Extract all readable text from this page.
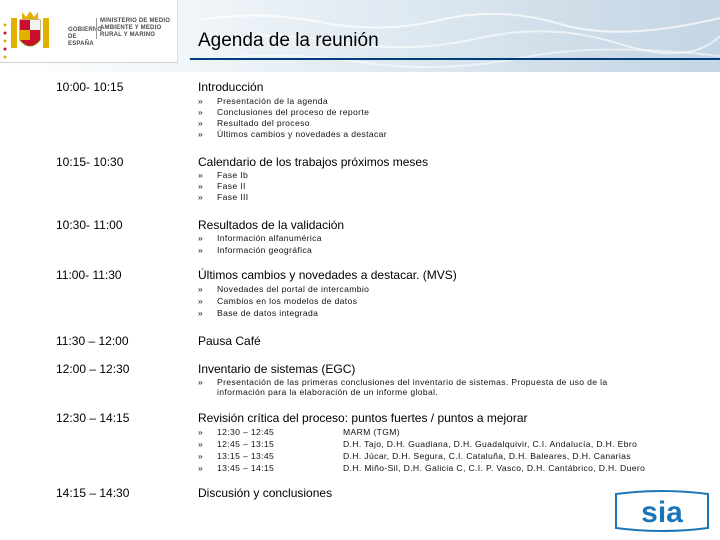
GOBIERNO DE ESPAÑA
MINISTERIO DE MEDIO AMBIENTE Y MEDIO RURAL Y MARINO	Agenda de la reunión
10:00- 10:15	Introducción
» Presentación de la agenda
» Conclusiones del proceso de reporte
» Resultado del proceso
» Últimos cambios y novedades a destacar
10:15- 10:30	Calendario de los trabajos próximos meses
» Fase Ib
» Fase II
» Fase III
10:30- 11:00	Resultados de la validación
» Información alfanumérica
» Información geográfica
11:00- 11:30	Últimos cambios y novedades a destacar. (MVS)
» Novedades del portal de intercambio
» Cambios en los modelos de datos
» Base de datos integrada
11:30 – 12:00	Pausa Café
12:00 – 12:30	Inventario de sistemas (EGC)
»	Presentación de las primeras conclusiones del inventario de sistemas. Propuesta de uso de la información para la elaboración de un informe global.
12:30 – 14:15	Revisión crítica del proceso: puntos fuertes / puntos a mejorar
» 12:30 – 12:45	MARM (TGM)
» 12:45 – 13:15	D.H. Tajo, D.H. Guadiana, D.H. Guadalquivir, C.I. Andalucía, D.H. Ebro
» 13:15 – 13:45	D.H. Júcar, D.H. Segura, C.I. Cataluña, D.H. Baleares, D.H. Canarias
» 13:45 – 14:15	D.H. Miño-Sil, D.H. Galicia C, C.I. P. Vasco, D.H. Cantábrico, D.H. Duero
14:15 – 14:30	Discusión y conclusiones
sia
